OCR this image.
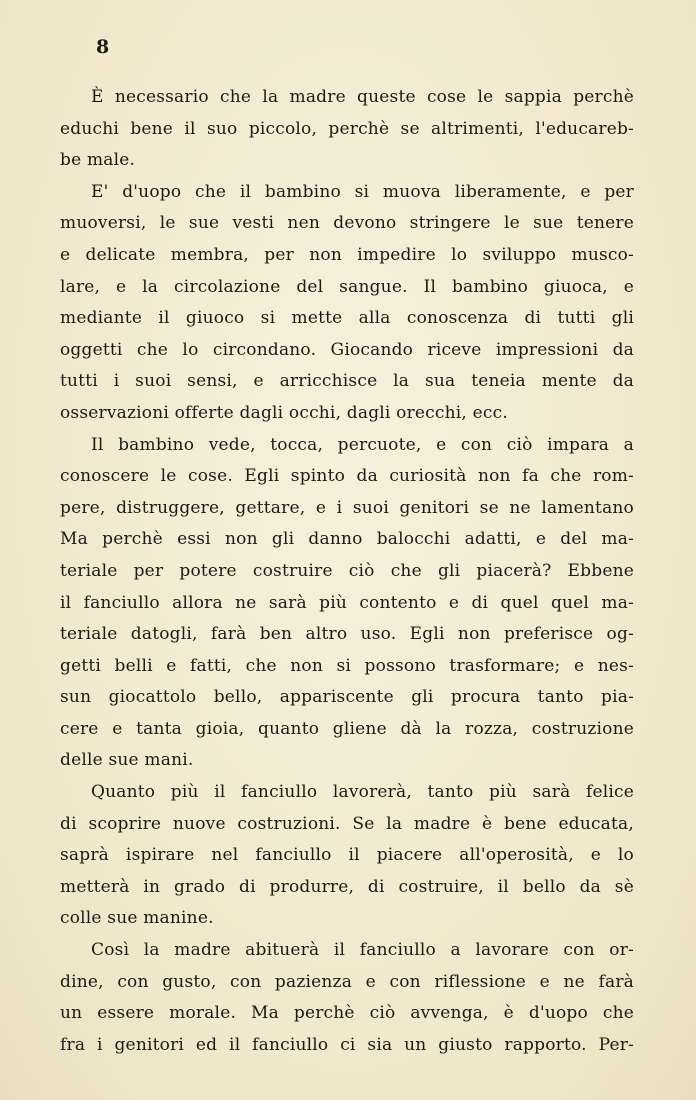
8
È necessario che la madre queste cose le sappia perchè
educhi bene il suo piccolo, perchè se altrimenti, l'educareb-
be male.
E' d'uopo che il bambino si muova liberamente, e per
muoversi, le sue vesti nen devono stringere le sue tenere
e delicate membra, per non impedire lo sviluppo musco-
lare, e la circolazione del sangue. Il bambino giuoca, e
mediante il giuoco si mette alla conoscenza di tutti gli
oggetti che lo circondano. Giocando riceve impressioni da
tutti i suoi sensi, e arricchisce la sua teneia mente da
osservazioni offerte dagli occhi, dagli orecchi, ecc.
Il bambino vede, tocca, percuote, e con ciò impara a
conoscere le cose. Egli spinto da curiosità non fa che rom-
pere, distruggere, gettare, e i suoi genitori se ne lamentano
Ma perchè essi non gli danno balocchi adatti, e del ma-
teriale per potere costruire ciò che gli piacerà? Ebbene
il fanciullo allora ne sarà più contento e di quel quel ma-
teriale datogli, farà ben altro uso. Egli non preferisce og-
getti belli e fatti, che non si possono trasformare; e nes-
sun giocattolo bello, appariscente gli procura tanto pia-
cere e tanta gioia, quanto gliene dà la rozza, costruzione
delle sue mani.
Quanto più il fanciullo lavorerà, tanto più sarà felice
di scoprire nuove costruzioni. Se la madre è bene educata,
saprà ispirare nel fanciullo il piacere all'operosità, e lo
metterà in grado di produrre, di costruire, il bello da sè
colle sue manine.
Così la madre abituerà il fanciullo a lavorare con or-
dine, con gusto, con pazienza e con riflessione e ne farà
un essere morale. Ma perchè ciò avvenga, è d'uopo che
fra i genitori ed il fanciullo ci sia un giusto rapporto. Per-
